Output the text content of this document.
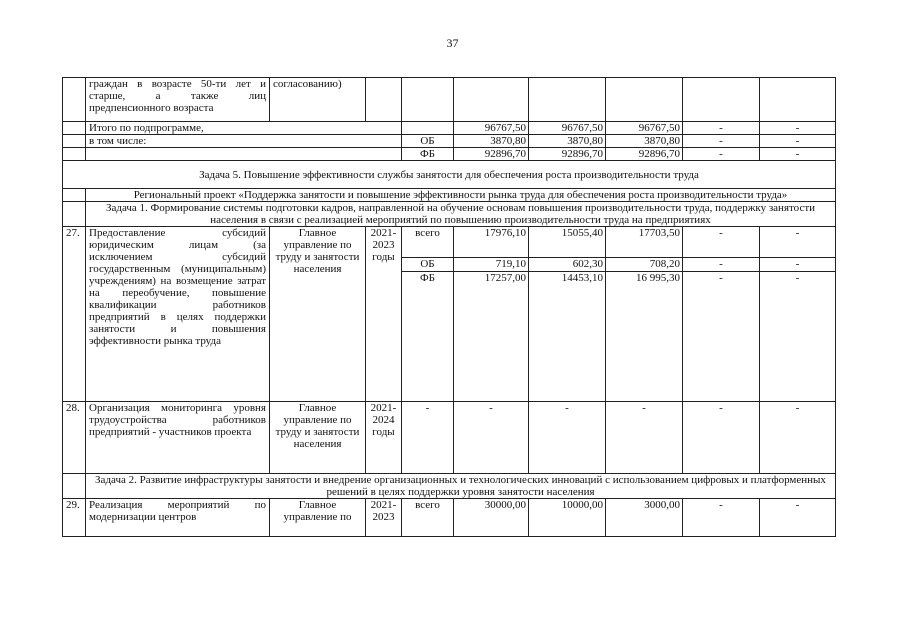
37

	граждан в возрасте 50-ти лет и
старше, а также лиц
предпенсионного возраста	согласованию)							
	Итого по подпрограмме,				96767,50	96767,50	96767,50	-	-
	в том числе:			ОБ	3870,80	3870,80	3870,80	-	-
				ФБ	92896,70	92896,70	92896,70	-	-
Задача 5. Повышение эффективности службы занятости для обеспечения роста производительности труда									
	Региональный проект «Поддержка занятости и повышение эффективности рынка труда для обеспечения роста производительности труда»								
	Задача 1. Формирование системы подготовки кадров, направленной на обучение основам повышения производительности труда, поддержку занятости населения в связи с реализацией мероприятий по повышению производительности труда на предприятиях								
27.	Предоставление субсидий юридическим лицам (за исключением субсидий государственным (муниципальным) учреждениям) на возмещение затрат на переобучение, повышение квалификации работников предприятий в целях поддержки занятости и повышения эффективности рынка труда	Главное управление по труду и занятости населения	2021-2023 годы	всего	17976,10	15055,40	17703,50	-	-
				ОБ	719,10	602,30	708,20	-	-
				ФБ	17257,00	14453,10	16 995,30	-	-
28.	Организация мониторинга уровня трудоустройства работников предприятий - участников проекта	Главное управление по труду и занятости населения	2021-2024 годы	-	-	-	-	-	-
	Задача 2. Развитие инфраструктуры занятости и внедрение организационных и технологических инноваций с использованием цифровых и платформенных решений в целях поддержки уровня занятости населения								
29.	Реализация мероприятий по модернизации центров	Главное управление по	2021-2023	всего	30000,00	10000,00	3000,00	-	-
